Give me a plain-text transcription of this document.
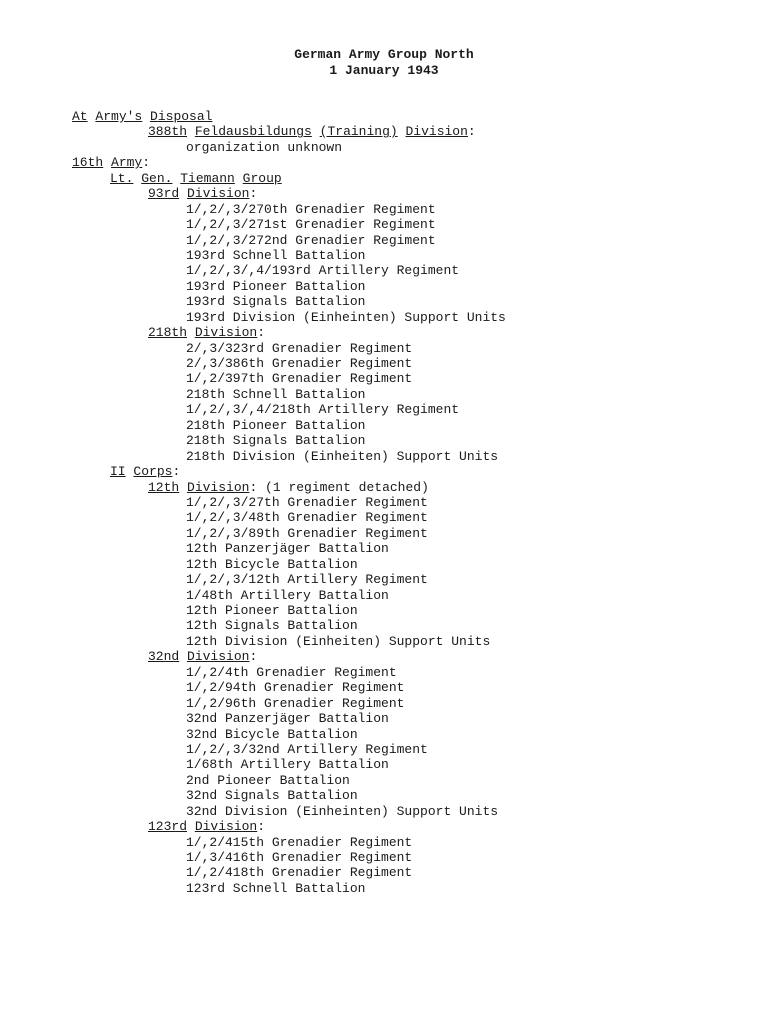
German Army Group North
1 January 1943
At Army's Disposal
388th Feldausbildungs (Training) Division:
organization unknown
16th Army:
Lt. Gen. Tiemann Group
93rd Division:
1/,2/,3/270th Grenadier Regiment
1/,2/,3/271st Grenadier Regiment
1/,2/,3/272nd Grenadier Regiment
193rd Schnell Battalion
1/,2/,3/,4/193rd Artillery Regiment
193rd Pioneer Battalion
193rd Signals Battalion
193rd Division (Einheinten) Support Units
218th Division:
2/,3/323rd Grenadier Regiment
2/,3/386th Grenadier Regiment
1/,2/397th Grenadier Regiment
218th Schnell Battalion
1/,2/,3/,4/218th Artillery Regiment
218th Pioneer Battalion
218th Signals Battalion
218th Division (Einheiten) Support Units
II Corps:
12th Division: (1 regiment detached)
1/,2/,3/27th Grenadier Regiment
1/,2/,3/48th Grenadier Regiment
1/,2/,3/89th Grenadier Regiment
12th Panzerjäger Battalion
12th Bicycle Battalion
1/,2/,3/12th Artillery Regiment
1/48th Artillery Battalion
12th Pioneer Battalion
12th Signals Battalion
12th Division (Einheiten) Support Units
32nd Division:
1/,2/4th Grenadier Regiment
1/,2/94th Grenadier Regiment
1/,2/96th Grenadier Regiment
32nd Panzerjäger Battalion
32nd Bicycle Battalion
1/,2/,3/32nd Artillery Regiment
1/68th Artillery Battalion
2nd Pioneer Battalion
32nd Signals Battalion
32nd Division (Einheinten) Support Units
123rd Division:
1/,2/415th Grenadier Regiment
1/,3/416th Grenadier Regiment
1/,2/418th Grenadier Regiment
123rd Schnell Battalion
